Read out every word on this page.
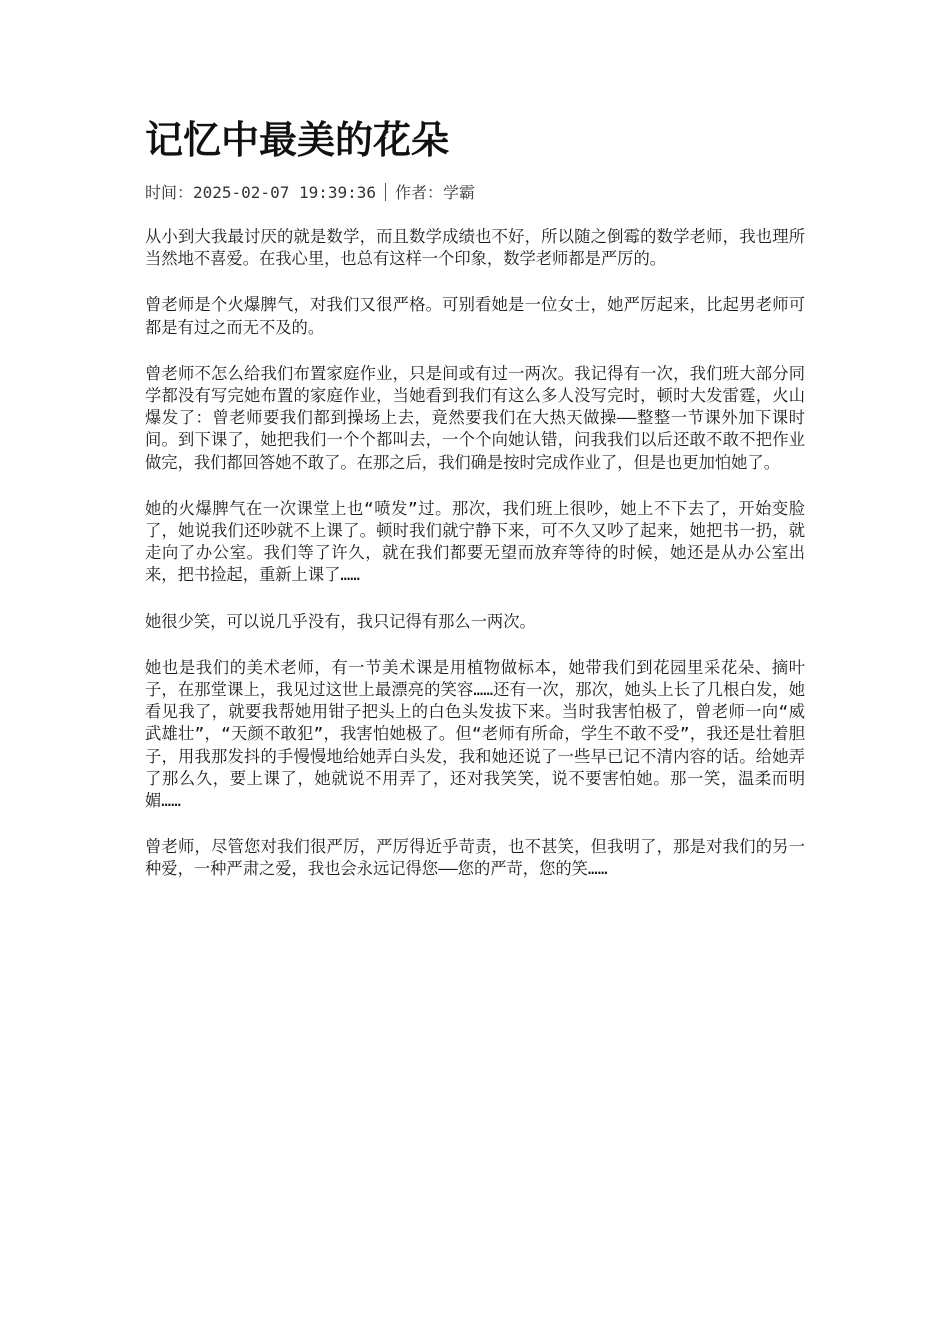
记忆中最美的花朵
时间：2025-02-07 19:39:36 作者：学霸

从小到大我最讨厌的就是数学，而且数学成绩也不好，所以随之倒霉的数学老师，我也理所当然地不喜爱。在我心里，也总有这样一个印象，数学老师都是严厉的。

曾老师是个火爆脾气，对我们又很严格。可别看她是一位女士，她严厉起来，比起男老师可都是有过之而无不及的。

曾老师不怎么给我们布置家庭作业，只是间或有过一两次。我记得有一次，我们班大部分同学都没有写完她布置的家庭作业，当她看到我们有这么多人没写完时，顿时大发雷霆，火山爆发了：曾老师要我们都到操场上去，竟然要我们在大热天做操——整整一节课外加下课时间。到下课了，她把我们一个个都叫去，一个个向她认错，问我我们以后还敢不敢不把作业做完，我们都回答她不敢了。在那之后，我们确是按时完成作业了，但是也更加怕她了。

她的火爆脾气在一次课堂上也“喷发”过。那次，我们班上很吵，她上不下去了，开始变脸了，她说我们还吵就不上课了。顿时我们就宁静下来，可不久又吵了起来，她把书一扔，就走向了办公室。我们等了许久，就在我们都要无望而放弃等待的时候，她还是从办公室出来，把书捡起，重新上课了……

她很少笑，可以说几乎没有，我只记得有那么一两次。

她也是我们的美术老师，有一节美术课是用植物做标本，她带我们到花园里采花朵、摘叶子，在那堂课上，我见过这世上最漂亮的笑容……还有一次，那次，她头上长了几根白发，她看见我了，就要我帮她用钳子把头上的白色头发拔下来。当时我害怕极了，曾老师一向“威武雄壮”，“天颜不敢犯”，我害怕她极了。但“老师有所命，学生不敢不受”，我还是壮着胆子，用我那发抖的手慢慢地给她弄白头发，我和她还说了一些早已记不清内容的话。给她弄了那么久，要上课了，她就说不用弄了，还对我笑笑，说不要害怕她。那一笑，温柔而明媚……

曾老师，尽管您对我们很严厉，严厉得近乎苛责，也不甚笑，但我明了，那是对我们的另一种爱，一种严肃之爱，我也会永远记得您——您的严苛，您的笑……
